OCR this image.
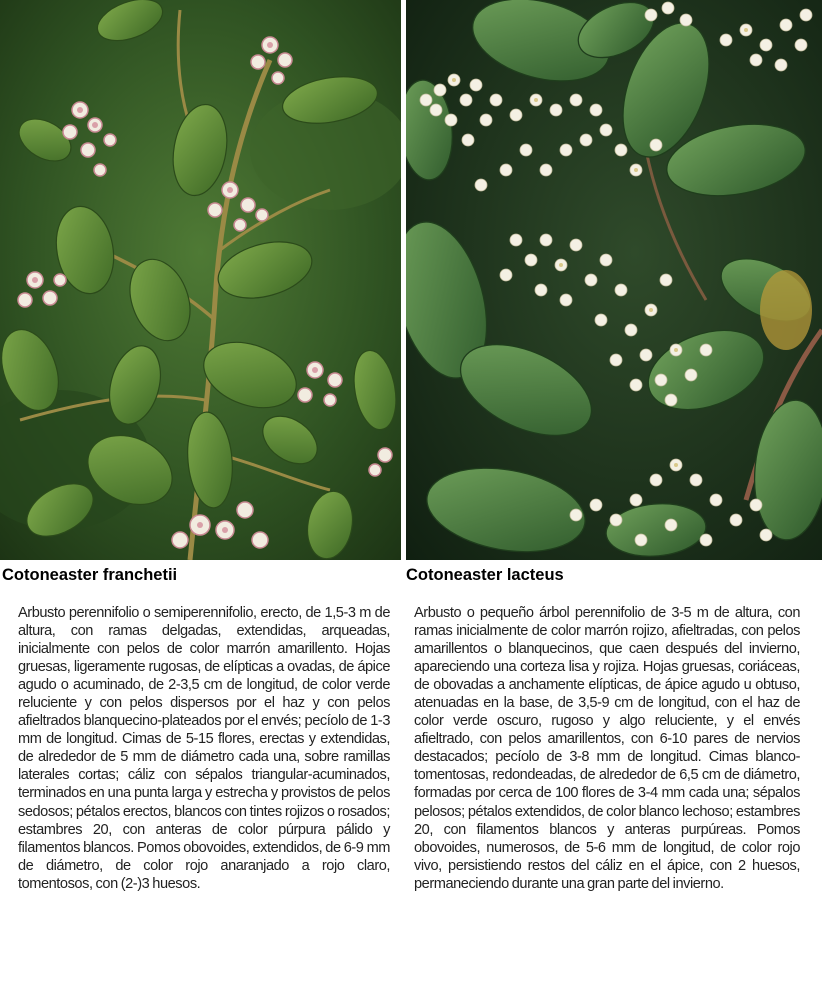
Cotoneaster franchetii	Cotoneaster lacteus

Arbusto perennifolio o semiperennifolio, erecto, de 1,5-3 m de altura, con ramas delgadas, extendidas, arqueadas, inicialmente con pelos de color marrón amarillento. Hojas gruesas, ligeramente rugosas, de elípticas a ovadas, de ápice agudo o acuminado, de 2-3,5 cm de longitud, de color verde reluciente y con pelos dispersos por el haz y con pelos afieltrados blanquecino-plateados por el envés; pecíolo de 1-3 mm de longitud. Cimas de 5-15 flores, erectas y extendidas, de alrededor de 5 mm de diámetro cada una, sobre ramillas laterales cortas; cáliz con sépalos triangular-acuminados, terminados en una punta larga y estrecha y provistos de pelos sedosos; pétalos erectos, blancos con tintes rojizos o rosados; estambres 20, con anteras de color púrpura pálido y filamentos blancos. Pomos obovoides, extendidos, de 6-9 mm de diámetro, de color rojo anaranjado a rojo claro, tomentosos, con (2-)3 huesos.

Arbusto o pequeño árbol perennifolio de 3-5 m de altura, con ramas inicialmente de color marrón rojizo, afieltradas, con pelos amarillentos o blanquecinos, que caen después del invierno, apareciendo una corteza lisa y rojiza. Hojas gruesas, coriáceas, de obovadas a anchamente elípticas, de ápice agudo u obtuso, atenuadas en la base, de 3,5-9 cm de longitud, con el haz de color verde oscuro, rugoso y algo reluciente, y el envés afieltrado, con pelos amarillentos, con 6-10 pares de nervios destacados; pecíolo de 3-8 mm de longitud. Cimas blanco-tomentosas, redondeadas, de alrededor de 6,5 cm de diámetro, formadas por cerca de 100 flores de 3-4 mm cada una; sépalos pelosos; pétalos extendidos, de color blanco lechoso; estambres 20, con filamentos blancos y anteras purpúreas. Pomos obovoides, numerosos, de 5-6 mm de longitud, de color rojo vivo, persistiendo restos del cáliz en el ápice, con 2 huesos, permaneciendo durante una gran parte del invierno.
